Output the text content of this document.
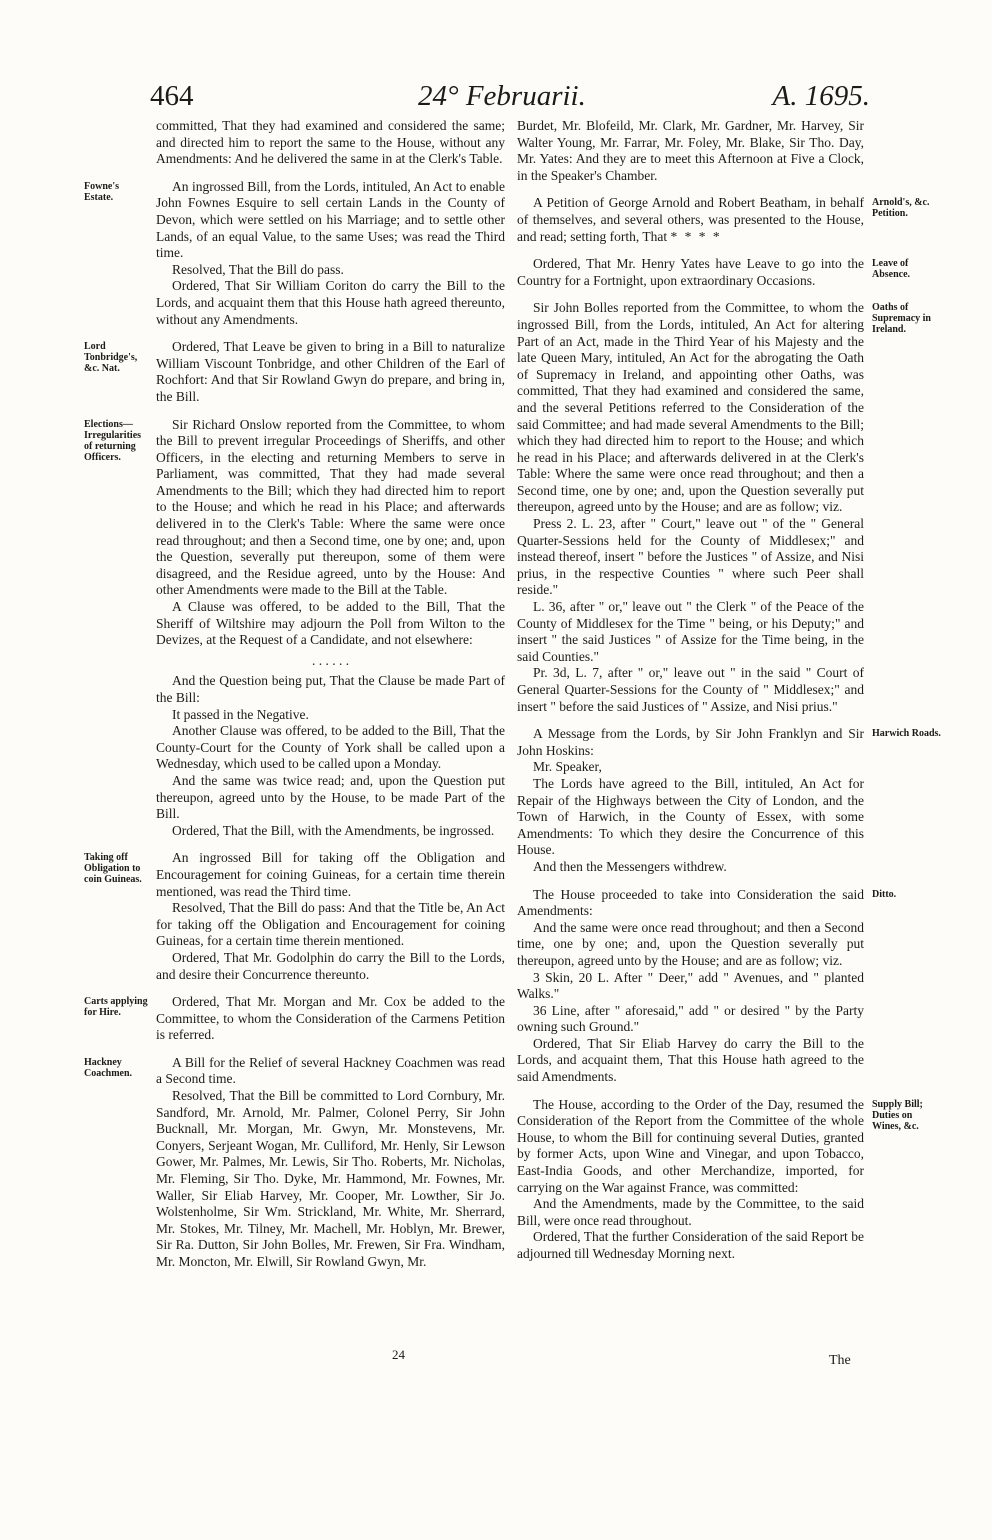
464	24° Februarii.	A. 1695.

committed, That they had examined and considered the same; and directed him to report the same to the House, without any Amendments: And he delivered the same in at the Clerk's Table.

Fowne's Estate.

An ingrossed Bill, from the Lords, intituled, An Act to enable John Fownes Esquire to sell certain Lands in the County of Devon, which were settled on his Marriage; and to settle other Lands, of an equal Value, to the same Uses; was read the Third time.

Resolved, That the Bill do pass.

Ordered, That Sir William Coriton do carry the Bill to the Lords, and acquaint them that this House hath agreed thereunto, without any Amendments.

Lord Tonbridge's, &c. Nat.

Ordered, That Leave be given to bring in a Bill to naturalize William Viscount Tonbridge, and other Children of the Earl of Rochfort: And that Sir Rowland Gwyn do prepare, and bring in, the Bill.

Elections—Irregularities of returning Officers.

Sir Richard Onslow reported from the Committee, to whom the Bill to prevent irregular Proceedings of Sheriffs, and other Officers, in the electing and returning Members to serve in Parliament, was committed, That they had made several Amendments to the Bill; which they had directed him to report to the House; and which he read in his Place; and afterwards delivered in to the Clerk's Table: Where the same were once read throughout; and then a Second time, one by one; and, upon the Question, severally put thereupon, some of them were disagreed, and the Residue agreed, unto by the House: And other Amendments were made to the Bill at the Table.

A Clause was offered, to be added to the Bill, That the Sheriff of Wiltshire may adjourn the Poll from Wilton to the Devizes, at the Request of a Candidate, and not elsewhere:

. . . . . .

And the Question being put, That the Clause be made Part of the Bill:

It passed in the Negative.

Another Clause was offered, to be added to the Bill, That the County-Court for the County of York shall be called upon a Wednesday, which used to be called upon a Monday.

And the same was twice read; and, upon the Question put thereupon, agreed unto by the House, to be made Part of the Bill.

Ordered, That the Bill, with the Amendments, be ingrossed.

Taking off Obligation to coin Guineas.

An ingrossed Bill for taking off the Obligation and Encouragement for coining Guineas, for a certain time therein mentioned, was read the Third time.

Resolved, That the Bill do pass: And that the Title be, An Act for taking off the Obligation and Encouragement for coining Guineas, for a certain time therein mentioned.

Ordered, That Mr. Godolphin do carry the Bill to the Lords, and desire their Concurrence thereunto.

Carts applying for Hire.

Ordered, That Mr. Morgan and Mr. Cox be added to the Committee, to whom the Consideration of the Carmens Petition is referred.

Hackney Coachmen.

A Bill for the Relief of several Hackney Coachmen was read a Second time.

Resolved, That the Bill be committed to Lord Cornbury, Mr. Sandford, Mr. Arnold, Mr. Palmer, Colonel Perry, Sir John Bucknall, Mr. Morgan, Mr. Gwyn, Mr. Monstevens, Mr. Conyers, Serjeant Wogan, Mr. Culliford, Mr. Henly, Sir Lewson Gower, Mr. Palmes, Mr. Lewis, Sir Tho. Roberts, Mr. Nicholas, Mr. Fleming, Sir Tho. Dyke, Mr. Hammond, Mr. Fownes, Mr. Waller, Sir Eliab Harvey, Mr. Cooper, Mr. Lowther, Sir Jo. Wolstenholme, Sir Wm. Strickland, Mr. White, Mr. Sherrard, Mr. Stokes, Mr. Tilney, Mr. Machell, Mr. Hoblyn, Mr. Brewer, Sir Ra. Dutton, Sir John Bolles, Mr. Frewen, Sir Fra. Windham, Mr. Moncton, Mr. Elwill, Sir Rowland Gwyn, Mr.

Burdet, Mr. Blofeild, Mr. Clark, Mr. Gardner, Mr. Harvey, Sir Walter Young, Mr. Farrar, Mr. Foley, Mr. Blake, Sir Tho. Day, Mr. Yates: And they are to meet this Afternoon at Five a Clock, in the Speaker's Chamber.

Arnold's, &c. Petition.

A Petition of George Arnold and Robert Beatham, in behalf of themselves, and several others, was presented to the House, and read; setting forth, That * * * *

Leave of Absence.

Ordered, That Mr. Henry Yates have Leave to go into the Country for a Fortnight, upon extraordinary Occasions.

Oaths of Supremacy in Ireland.

Sir John Bolles reported from the Committee, to whom the ingrossed Bill, from the Lords, intituled, An Act for altering Part of an Act, made in the Third Year of his Majesty and the late Queen Mary, intituled, An Act for the abrogating the Oath of Supremacy in Ireland, and appointing other Oaths, was committed, That they had examined and considered the same, and the several Petitions referred to the Consideration of the said Committee; and had made several Amendments to the Bill; which they had directed him to report to the House; and which he read in his Place; and afterwards delivered in at the Clerk's Table: Where the same were once read throughout; and then a Second time, one by one; and, upon the Question severally put thereupon, agreed unto by the House; and are as follow; viz.

Press 2. L. 23, after " Court," leave out " of the " General Quarter-Sessions held for the County of Middlesex;" and instead thereof, insert " before the Justices " of Assize, and Nisi prius, in the respective Counties " where such Peer shall reside."

L. 36, after " or," leave out " the Clerk " of the Peace of the County of Middlesex for the Time " being, or his Deputy;" and insert " the said Justices " of Assize for the Time being, in the said Counties."

Pr. 3d, L. 7, after " or," leave out " in the said " Court of General Quarter-Sessions for the County of " Middlesex;" and insert " before the said Justices of " Assize, and Nisi prius."

Harwich Roads.

A Message from the Lords, by Sir John Franklyn and Sir John Hoskins:

Mr. Speaker,

The Lords have agreed to the Bill, intituled, An Act for Repair of the Highways between the City of London, and the Town of Harwich, in the County of Essex, with some Amendments: To which they desire the Concurrence of this House.

And then the Messengers withdrew.

Ditto.

The House proceeded to take into Consideration the said Amendments:

And the same were once read throughout; and then a Second time, one by one; and, upon the Question severally put thereupon, agreed unto by the House; and are as follow; viz.

3 Skin, 20 L. After " Deer," add " Avenues, and " planted Walks."

36 Line, after " aforesaid," add " or desired " by the Party owning such Ground."

Ordered, That Sir Eliab Harvey do carry the Bill to the Lords, and acquaint them, That this House hath agreed to the said Amendments.

Supply Bill; Duties on Wines, &c.

The House, according to the Order of the Day, resumed the Consideration of the Report from the Committee of the whole House, to whom the Bill for continuing several Duties, granted by former Acts, upon Wine and Vinegar, and upon Tobacco, East-India Goods, and other Merchandize, imported, for carrying on the War against France, was committed:

And the Amendments, made by the Committee, to the said Bill, were once read throughout.

Ordered, That the further Consideration of the said Report be adjourned till Wednesday Morning next.

24	The
